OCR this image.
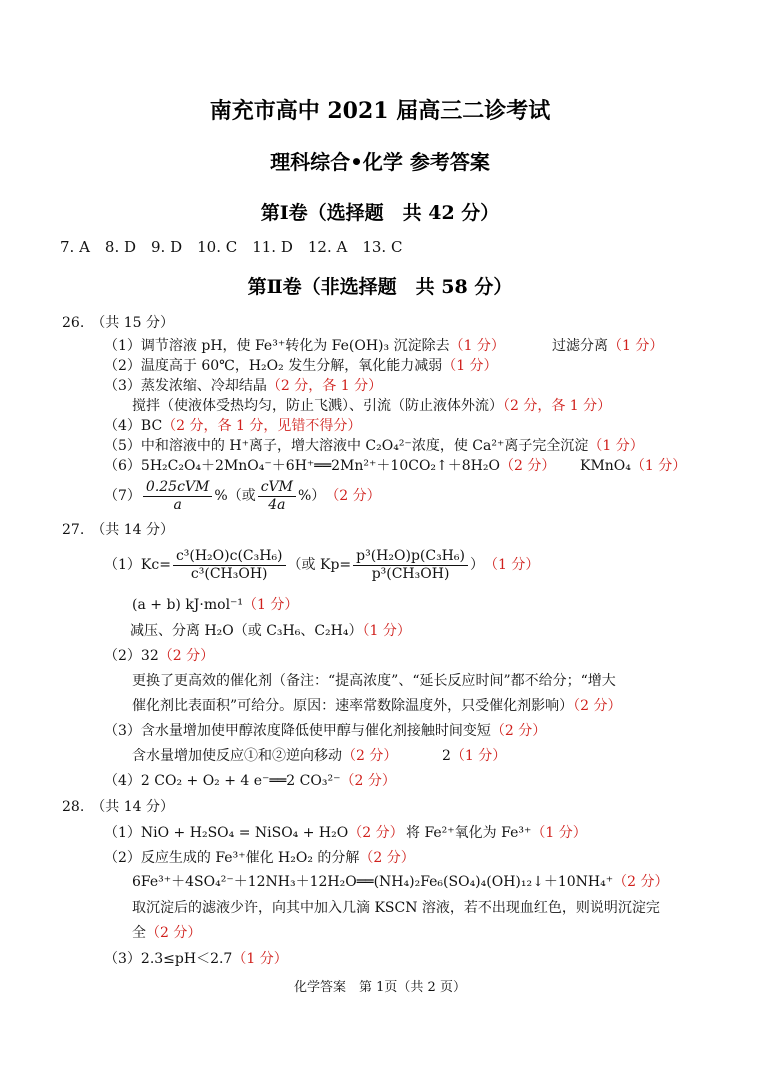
南充市高中 2021 届高三二诊考试
理科综合•化学 参考答案
第Ⅰ卷（选择题　共 42 分）
7. A　8. D　9. D　10. C　11. D　12. A　13. C
第Ⅱ卷（非选择题　共 58 分）
26.　（共 15 分）
（1）调节溶液 pH，使 Fe³⁺转化为 Fe(OH)₃ 沉淀除去（1 分）	过滤分离（1 分）
（2）温度高于 60℃，H₂O₂ 发生分解，氧化能力减弱（1 分）
（3）蒸发浓缩、冷却结晶（2 分，各 1 分）
搅拌（使液体受热均匀，防止飞溅）、引流（防止液体外流）（2 分，各 1 分）
（4）BC（2 分，各 1 分，见错不得分）
（5）中和溶液中的 H⁺离子，增大溶液中 C₂O₄²⁻浓度，使 Ca²⁺离子完全沉淀（1 分）
（6）5H₂C₂O₄＋2MnO₄⁻＋6H⁺══2Mn²⁺＋10CO₂↑＋8H₂O（2 分） KMnO₄（1 分）
$(7) \frac{\text{0.25cVM}}{a}$ %（或 $\frac{\text{cVM}}{4a}$ %） （2 分）
27.　（共 14 分）
$(1)Kc= \frac{\text{c³(H₂O)c(C₃H₆)}}{\text{c³(CH₃OH)}}$ （或 $Kp= \frac{\text{p³(H₂O)p(C₃H₆)}}{\text{p³(CH₃OH)}}$ ） （1 分）
(a + b) kJ·mol⁻¹（1 分）
减压、分离 H₂O（或 C₃H₆、C₂H₄）（1 分）
（2）32（2 分）
更换了更高效的催化剂（备注：“提高浓度”、“延长反应时间”都不给分；“增大
催化剂比表面积”可给分。原因：速率常数除温度外，只受催化剂影响）（2 分）
（3）含水量增加使甲醇浓度降低使甲醇与催化剂接触时间变短（2 分）
含水量增加使反应①和②逆向移动（2 分）	2（1 分）
（4）2 CO₂ + O₂ + 4 e⁻══2 CO₃²⁻（2 分）
28.　（共 14 分）
（1）NiO + H₂SO₄ = NiSO₄ + H₂O（2 分） 将 Fe²⁺氧化为 Fe³⁺（1 分）
（2）反应生成的 Fe³⁺催化 H₂O₂ 的分解（2 分）
6Fe³⁺＋4SO₄²⁻＋12NH₃＋12H₂O══(NH₄)₂Fe₆(SO₄)₄(OH)₁₂↓＋10NH₄⁺（2 分）
取沉淀后的滤液少许，向其中加入几滴 KSCN 溶液，若不出现血红色，则说明沉淀完
全（2 分）
（3）2.3≤pH＜2.7（1 分）
化学答案　第 1页（共 2 页）
